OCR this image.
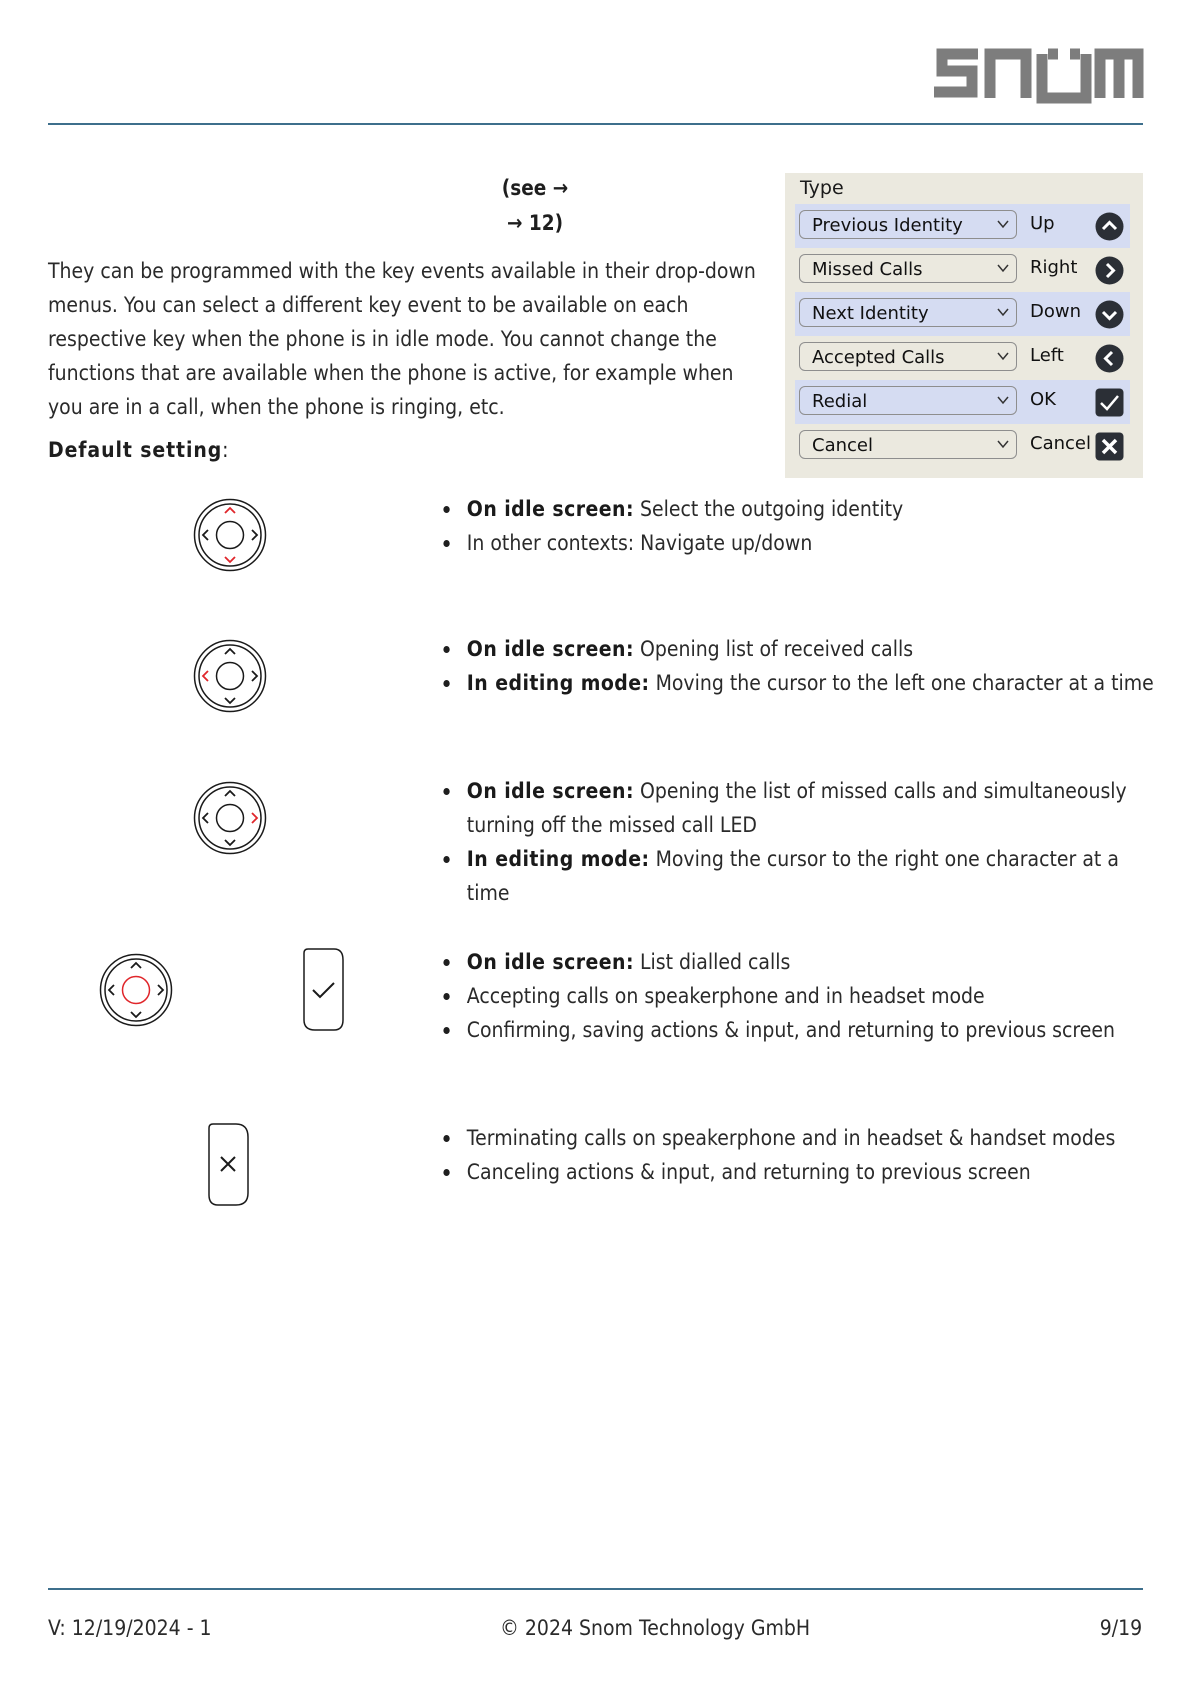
(see →
→ 12)
They can be programmed with the key events available in their drop-down menus. You can select a different key event to be available on each respective key when the phone is in idle mode. You cannot change the functions that are available when the phone is active, for example when you are in a call, when the phone is ringing, etc.
Default setting:
Type
Previous Identity	Up
Missed Calls	Right
Next Identity	Down
Accepted Calls	Left
Redial	OK
Cancel	Cancel
On idle screen: Select the outgoing identity
In other contexts: Navigate up/down
On idle screen: Opening list of received calls
In editing mode: Moving the cursor to the left one character at a time
On idle screen: Opening the list of missed calls and simultaneously turning off the missed call LED
In editing mode: Moving the cursor to the right one character at a time
On idle screen: List dialled calls
Accepting calls on speakerphone and in headset mode
Confirming, saving actions & input, and returning to previous screen
Terminating calls on speakerphone and in headset & handset modes
Canceling actions & input, and returning to previous screen
V: 12/19/2024 - 1	© 2024 Snom Technology GmbH	9/19
